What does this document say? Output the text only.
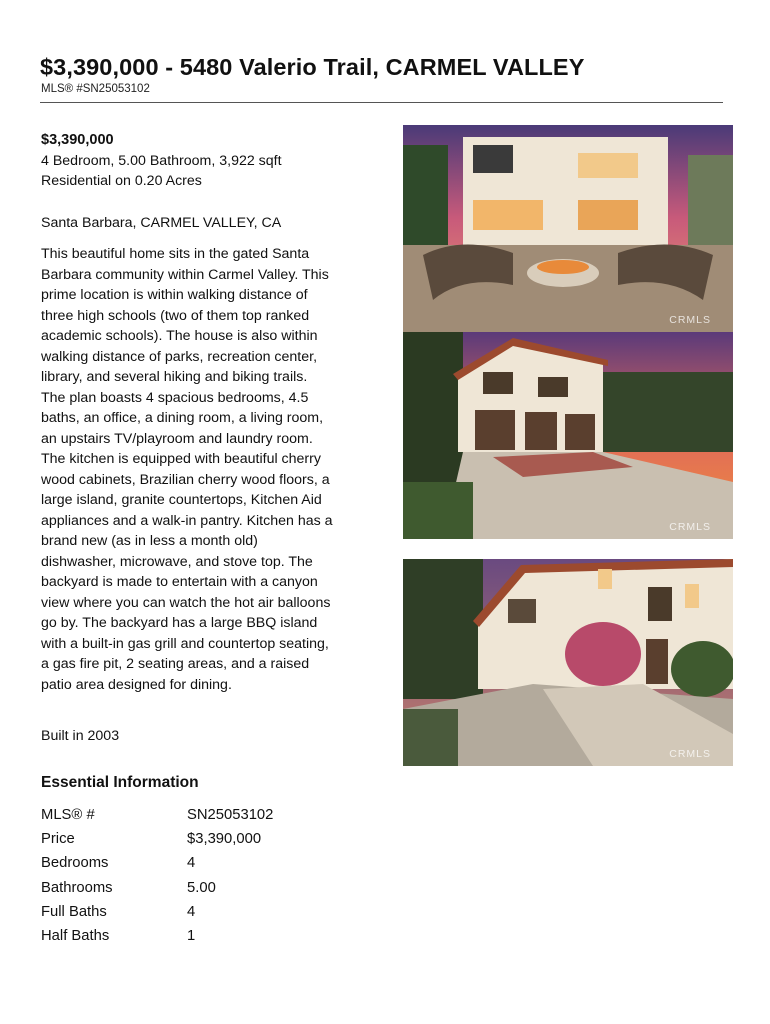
$3,390,000 - 5480 Valerio Trail, CARMEL VALLEY
MLS® #SN25053102
$3,390,000
4 Bedroom, 5.00 Bathroom, 3,922 sqft
Residential on 0.20 Acres
Santa Barbara, CARMEL VALLEY, CA
This beautiful home sits in the gated Santa
Barbara community within Carmel Valley. This
prime location is within walking distance of
three high schools (two of them top ranked
academic schools). The house is also within
walking distance of parks, recreation center,
library, and several hiking and biking trails.
The plan boasts 4 spacious bedrooms, 4.5
baths, an office, a dining room, a living room,
an upstairs TV/playroom and laundry room.
The kitchen is equipped with beautiful cherry
wood cabinets, Brazilian cherry wood floors, a
large island, granite countertops, Kitchen Aid
appliances and a walk-in pantry. Kitchen has a
brand new (as in less a month old)
dishwasher, microwave, and stove top. The
backyard is made to entertain with a canyon
view where you can watch the hot air balloons
go by. The backyard has a large BBQ island
with a built-in gas grill and countertop seating,
a gas fire pit, 2 seating areas, and a raised
patio area designed for dining.
Built in 2003
Essential Information
MLS® #	SN25053102
Price	$3,390,000
Bedrooms	4
Bathrooms	5.00
Full Baths	4
Half Baths	1
CRMLS
CRMLS
CRMLS
